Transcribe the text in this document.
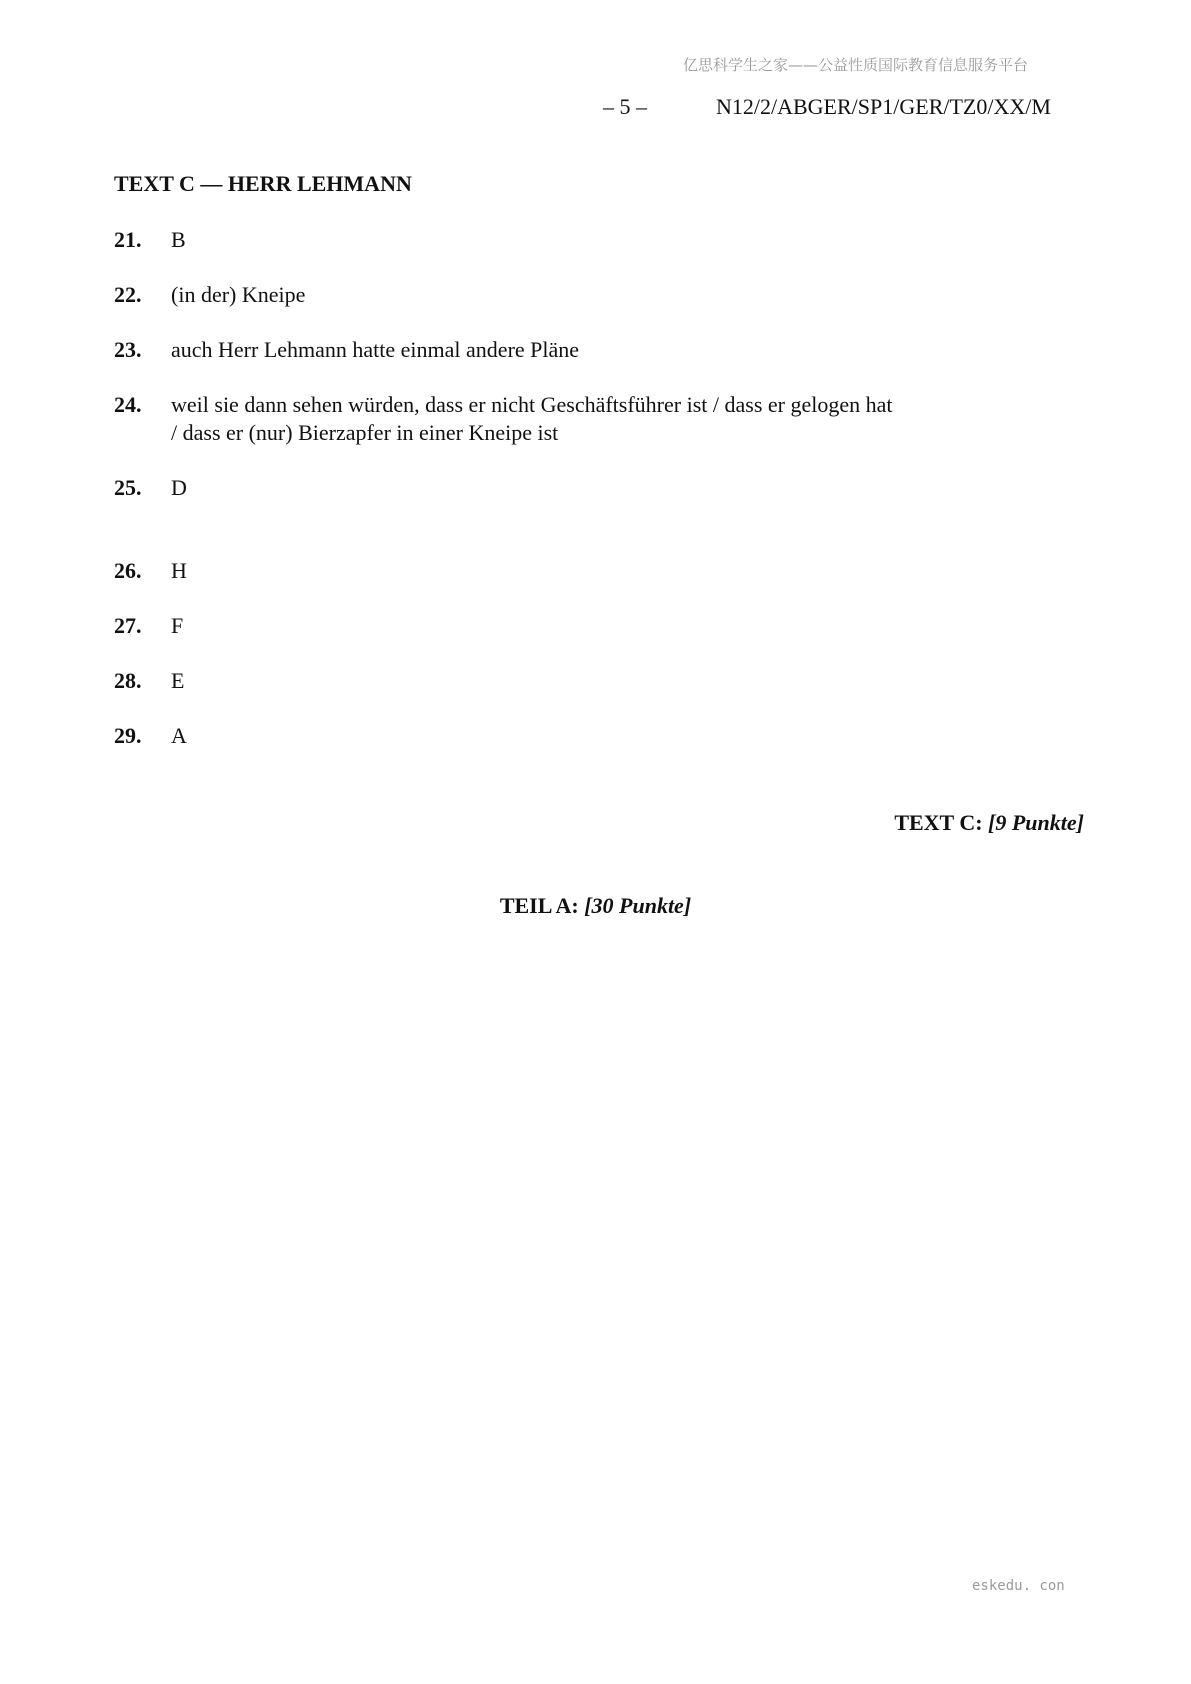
亿思科学生之家——公益性质国际教育信息服务平台
– 5 –	N12/2/ABGER/SP1/GER/TZ0/XX/M
TEXT C — HERR LEHMANN
21.	B
22.	(in der) Kneipe
23.	auch Herr Lehmann hatte einmal andere Pläne
24.	weil sie dann sehen würden, dass er nicht Geschäftsführer ist / dass er gelogen hat
/ dass er (nur) Bierzapfer in einer Kneipe ist
25.	D
26.	H
27.	F
28.	E
29.	A
TEXT C: [9 Punkte]
TEIL A: [30 Punkte]
eskedu. con
